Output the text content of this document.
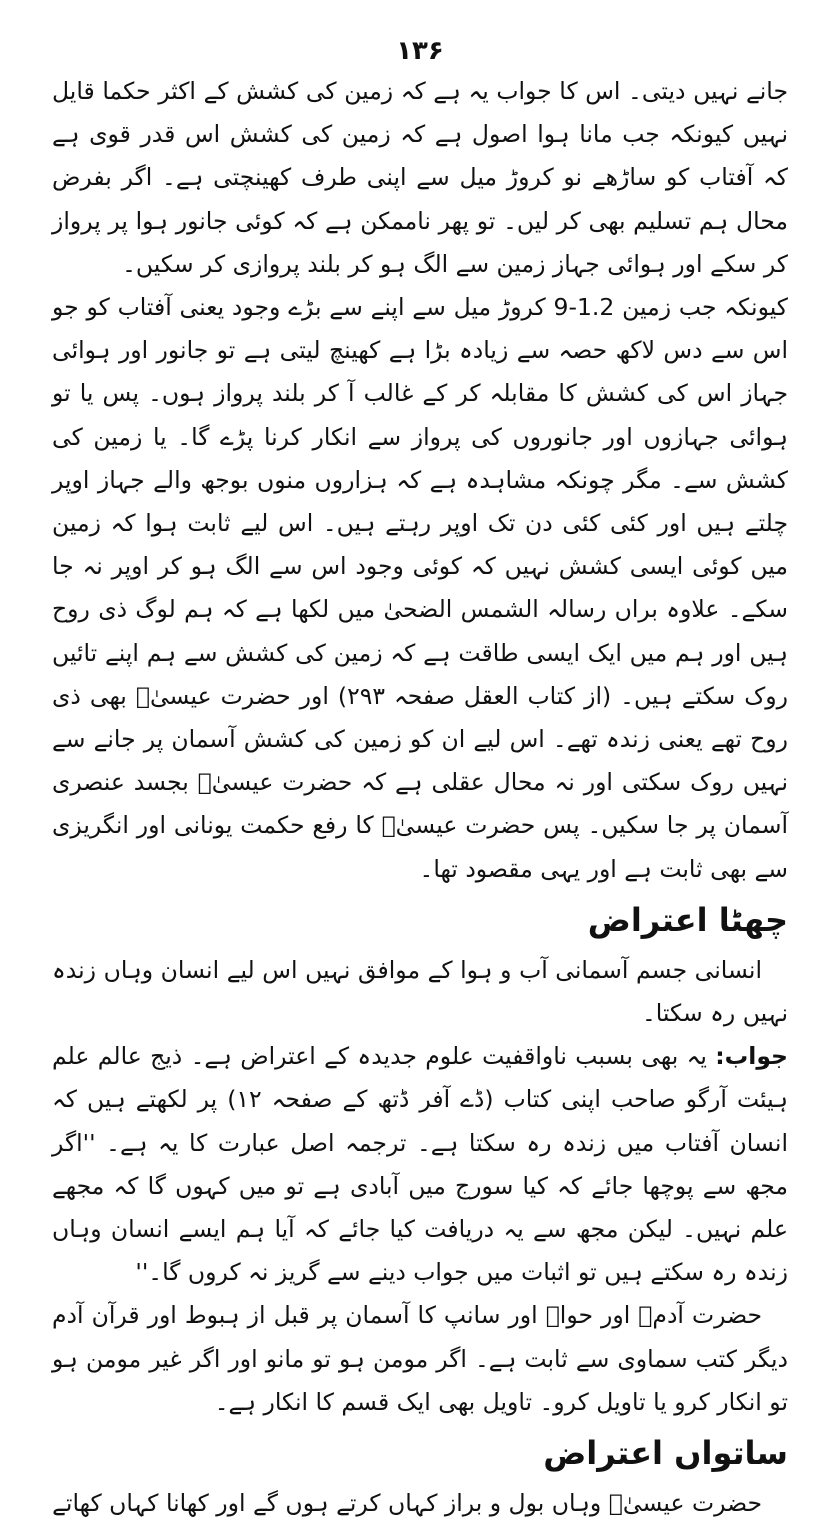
۱۳۶

جانے نہیں دیتی۔ اس کا جواب یہ ہے کہ زمین کی کشش کے اکثر حکما قایل نہیں کیونکہ جب مانا ہوا اصول ہے کہ زمین کی کشش اس قدر قوی ہے کہ آفتاب کو ساڑھے نو کروڑ میل سے اپنی طرف کھینچتی ہے۔ اگر بفرض محال ہم تسلیم بھی کر لیں۔ تو پھر ناممکن ہے کہ کوئی جانور ہوا پر پرواز کر سکے اور ہوائی جہاز زمین سے الگ ہو کر بلند پروازی کر سکیں۔

کیونکہ جب زمین 1.2-9 کروڑ میل سے اپنے سے بڑے وجود یعنی آفتاب کو جو اس سے دس لاکھ حصہ سے زیادہ بڑا ہے کھینچ لیتی ہے تو جانور اور ہوائی جہاز اس کی کشش کا مقابلہ کر کے غالب آ کر بلند پرواز ہوں۔ پس یا تو ہوائی جہازوں اور جانوروں کی پرواز سے انکار کرنا پڑے گا۔ یا زمین کی کشش سے۔ مگر چونکہ مشاہدہ ہے کہ ہزاروں منوں بوجھ والے جہاز اوپر چلتے ہیں اور کئی کئی دن تک اوپر رہتے ہیں۔ اس لیے ثابت ہوا کہ زمین میں کوئی ایسی کشش نہیں کہ کوئی وجود اس سے الگ ہو کر اوپر نہ جا سکے۔ علاوہ براں رسالہ الشمس الضحیٰ میں لکھا ہے کہ ہم لوگ ذی روح ہیں اور ہم میں ایک ایسی طاقت ہے کہ زمین کی کشش سے ہم اپنے تائیں روک سکتے ہیں۔ (از کتاب العقل صفحہ ۲۹۳) اور حضرت عیسیٰؑ بھی ذی روح تھے یعنی زندہ تھے۔ اس لیے ان کو زمین کی کشش آسمان پر جانے سے نہیں روک سکتی اور نہ محال عقلی ہے کہ حضرت عیسیٰؑ بجسد عنصری آسمان پر جا سکیں۔ پس حضرت عیسیٰؑ کا رفع حکمت یونانی اور انگریزی سے بھی ثابت ہے اور یہی مقصود تھا۔

چھٹا اعتراض

انسانی جسم آسمانی آب و ہوا کے موافق نہیں اس لیے انسان وہاں زندہ نہیں رہ سکتا۔

جواب: یہ بھی بسبب ناواقفیت علوم جدیدہ کے اعتراض ہے۔ ذیج عالم علم ہیئت آرگو صاحب اپنی کتاب (ڈے آفر ڈتھ کے صفحہ ۱۲) پر لکھتے ہیں کہ انسان آفتاب میں زندہ رہ سکتا ہے۔ ترجمہ اصل عبارت کا یہ ہے۔ ''اگر مجھ سے پوچھا جائے کہ کیا سورج میں آبادی ہے تو میں کہوں گا کہ مجھے علم نہیں۔ لیکن مجھ سے یہ دریافت کیا جائے کہ آیا ہم ایسے انسان وہاں زندہ رہ سکتے ہیں تو اثبات میں جواب دینے سے گریز نہ کروں گا۔''

حضرت آدمؑ اور حواؑ اور سانپ کا آسمان پر قبل از ہبوط اور قرآن آدم دیگر کتب سماوی سے ثابت ہے۔ اگر مومن ہو تو مانو اور اگر غیر مومن ہو تو انکار کرو یا تاویل کرو۔ تاویل بھی ایک قسم کا انکار ہے۔

ساتواں اعتراض

حضرت عیسیٰؑ وہاں بول و براز کہاں کرتے ہوں گے اور کھانا کہاں کھاتے
